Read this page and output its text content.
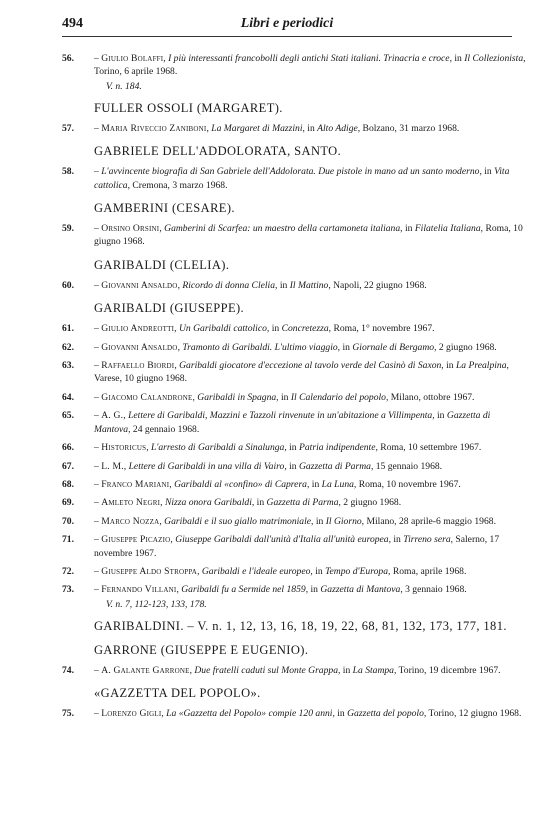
494	Libri e periodici
56. – Giulio Bolaffi, I più interessanti francobolli degli antichi Stati italiani. Trinacria e croce, in Il Collezionista, Torino, 6 aprile 1968.
V. n. 184.
FULLER OSSOLI (MARGARET).
57. – Maria Riveccio Zaniboni, La Margaret di Mazzini, in Alto Adige, Bolzano, 31 marzo 1968.
GABRIELE DELL'ADDOLORATA, SANTO.
58. – L'avvincente biografia di San Gabriele dell'Addolorata. Due pistole in mano ad un santo moderno, in Vita cattolica, Cremona, 3 marzo 1968.
GAMBERINI (CESARE).
59. – Orsino Orsini, Gamberini di Scarfea: un maestro della cartamoneta italiana, in Filatelia Italiana, Roma, 10 giugno 1968.
GARIBALDI (CLELIA).
60. – Giovanni Ansaldo, Ricordo di donna Clelia, in Il Mattino, Napoli, 22 giugno 1968.
GARIBALDI (GIUSEPPE).
61. – Giulio Andreotti, Un Garibaldi cattolico, in Concretezza, Roma, 1° novembre 1967.
62. – Giovanni Ansaldo, Tramonto di Garibaldi. L'ultimo viaggio, in Giornale di Bergamo, 2 giugno 1968.
63. – Raffaello Biordi, Garibaldi giocatore d'eccezione al tavolo verde del Casinò di Saxon, in La Prealpina, Varese, 10 giugno 1968.
64. – Giacomo Calandrone, Garibaldi in Spagna, in Il Calendario del popolo, Milano, ottobre 1967.
65. – A. G., Lettere di Garibaldi, Mazzini e Tazzoli rinvenute in un'abitazione a Villimpenta, in Gazzetta di Mantova, 24 gennaio 1968.
66. – Historicus, L'arresto di Garibaldi a Sinalunga, in Patria indipendente, Roma, 10 settembre 1967.
67. – L. M., Lettere di Garibaldi in una villa di Vairo, in Gazzetta di Parma, 15 gennaio 1968.
68. – Franco Mariani, Garibaldi al «confino» di Caprera, in La Luna, Roma, 10 novembre 1967.
69. – Amleto Negri, Nizza onora Garibaldi, in Gazzetta di Parma, 2 giugno 1968.
70. – Marco Nozza, Garibaldi e il suo giallo matrimoniale, in Il Giorno, Milano, 28 aprile-6 maggio 1968.
71. – Giuseppe Picazio, Giuseppe Garibaldi dall'unità d'Italia all'unità europea, in Tirreno sera, Salerno, 17 novembre 1967.
72. – Giuseppe Aldo Stroppa, Garibaldi e l'ideale europeo, in Tempo d'Europa, Roma, aprile 1968.
73. – Fernando Villani, Garibaldi fu a Sermide nel 1859, in Gazzetta di Mantova, 3 gennaio 1968.
V. n. 7, 112-123, 133, 178.
GARIBALDINI. – V. n. 1, 12, 13, 16, 18, 19, 22, 68, 81, 132, 173, 177, 181.
GARRONE (GIUSEPPE E EUGENIO).
74. – A. Galante Garrone, Due fratelli caduti sul Monte Grappa, in La Stampa, Torino, 19 dicembre 1967.
«GAZZETTA DEL POPOLO».
75. – Lorenzo Gigli, La «Gazzetta del Popolo» compie 120 anni, in Gazzetta del popolo, Torino, 12 giugno 1968.
